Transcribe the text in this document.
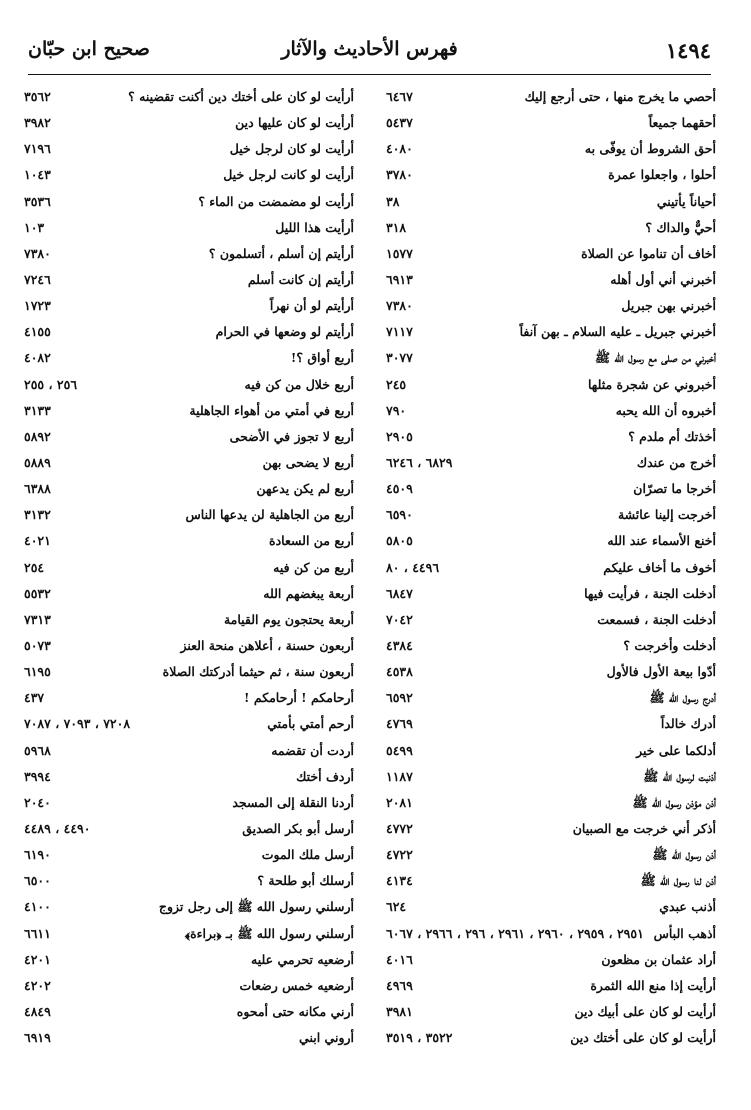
١٤٩٤
فهرس الأحاديث والآثار
صحيح ابن حبّان
أحصي ما يخرج منها ، حتى أرجع إليك
٦٤٦٧
أحقهما جميعاً
٥٤٣٧
أحق الشروط أن يوفّى به
٤٠٨٠
أحلوا ، واجعلوا عمرة
٣٧٨٠
أحياناً يأتيني
٣٨
أحيٌّ والداك ؟
٣١٨
أخاف أن تناموا عن الصلاة
١٥٧٧
أخبرني أني أول أهله
٦٩١٣
أخبرني بهن جبريل
٧٣٨٠
أخبرني جبريل ـ عليه السلام ـ بهن آنفاً
٧١١٧
أخبرني من صلى مع رسول الله ﷺ
٣٠٧٧
أخبروني عن شجرة مثلها
٢٤٥
أخبروه أن الله يحبه
٧٩٠
أخذتك أم ملدم ؟
٢٩٠٥
أخرج من عندك
٦٨٢٩ ، ٦٢٤٦
أخرجا ما تصرّان
٤٥٠٩
أخرجت إلينا عائشة
٦٥٩٠
أخنع الأسماء عند الله
٥٨٠٥
أخوف ما أخاف عليكم
٤٤٩٦ ، ٨٠
أدخلت الجنة ، فرأيت فيها
٦٨٤٧
أدخلت الجنة ، فسمعت
٧٠٤٢
أدخلت وأخرجت ؟
٤٣٨٤
أدّوا بيعة الأول فالأول
٤٥٣٨
أدرج رسول الله ﷺ
٦٥٩٢
أدرك خالداً
٤٧٦٩
أدلكما على خير
٥٤٩٩
أذنبت لرسول الله ﷺ
١١٨٧
أذن مؤذن رسول الله ﷺ
٢٠٨١
أذكر أني خرجت مع الصبيان
٤٧٧٢
أذن رسول الله ﷺ
٤٧٢٢
أذن لنا رسول الله ﷺ
٤١٣٤
أذنب عبدي
٦٢٤
أذهب البأس
٢٩٥١ ، ٢٩٥٩ ، ٢٩٦٠ ، ٢٩٦١ ، ٢٩٦ ، ٢٩٦٦ ، ٦٠٦٧
أراد عثمان بن مظعون
٤٠١٦
أرأيت إذا منع الله الثمرة
٤٩٦٩
أرأيت لو كان على أبيك دين
٣٩٨١
أرأيت لو كان على أختك دين
٣٥٢٢ ، ٣٥١٩
أرأيت لو كان على أختك دين أكنت تقضينه ؟
٣٥٦٢
أرأيت لو كان عليها دين
٣٩٨٢
أرأيت لو كان لرجل خيل
٧١٩٦
أرأيت لو كانت لرجل خيل
١٠٤٣
أرأيت لو مضمضت من الماء ؟
٣٥٣٦
أرأيت هذا الليل
١٠٣
أرأيتم إن أسلم ، أتسلمون ؟
٧٣٨٠
أرأيتم إن كانت أسلم
٧٢٤٦
أرأيتم لو أن نهراً
١٧٢٣
أرأيتم لو وضعها في الحرام
٤١٥٥
أربع أواق ؟!
٤٠٨٢
أربع خلال من كن فيه
٢٥٦ ، ٢٥٥
أربع في أمتي من أهواء الجاهلية
٣١٣٣
أربع لا تجوز في الأضحى
٥٨٩٢
أربع لا يضحى بهن
٥٨٨٩
أربع لم يكن يدعهن
٦٣٨٨
أربع من الجاهلية لن يدعها الناس
٣١٣٢
أربع من السعادة
٤٠٢١
أربع من كن فيه
٢٥٤
أربعة يبغضهم الله
٥٥٣٢
أربعة يحتجون يوم القيامة
٧٣١٣
أربعون حسنة ، أعلاهن منحة العنز
٥٠٧٣
أربعون سنة ، ثم حيثما أدركتك الصلاة
٦١٩٥
أرحامكم ! أرحامكم !
٤٣٧
أرحم أمتي بأمتي
٧٢٠٨ ، ٧٠٩٣ ، ٧٠٨٧
أردت أن تقضمه
٥٩٦٨
أردف أختك
٣٩٩٤
أردنا النقلة إلى المسجد
٢٠٤٠
أرسل أبو بكر الصديق
٤٤٩٠ ، ٤٤٨٩
أرسل ملك الموت
٦١٩٠
أرسلك أبو طلحة ؟
٦٥٠٠
أرسلني رسول الله ﷺ إلى رجل تزوج
٤١٠٠
أرسلني رسول الله ﷺ بـ ﴿براءة﴾
٦٦١١
أرضعيه تحرمي عليه
٤٢٠١
أرضعيه خمس رضعات
٤٢٠٢
أرني مكانه حتى أمحوه
٤٨٤٩
أروني ابني
٦٩١٩
